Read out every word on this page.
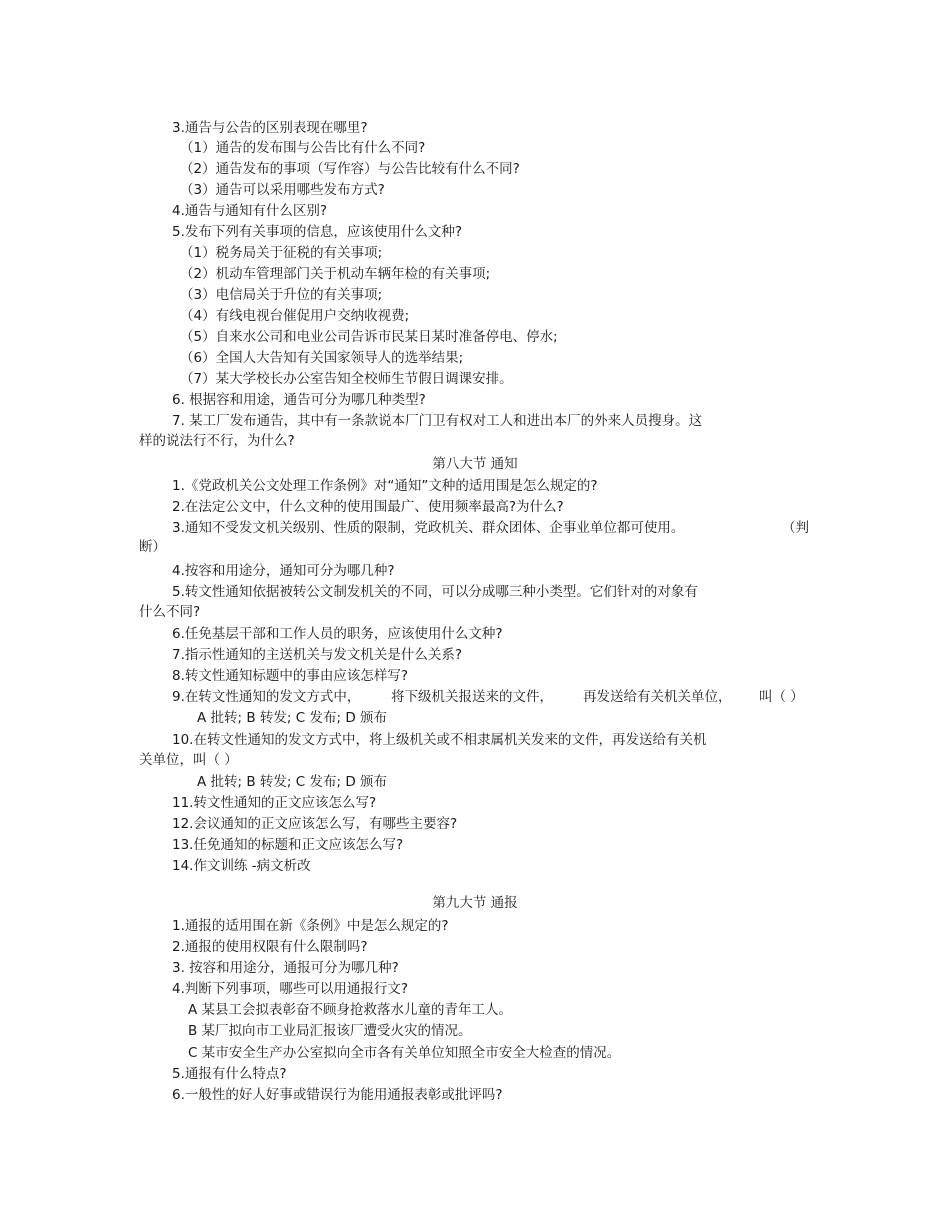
3.通告与公告的区别表现在哪里?
（1）通告的发布围与公告比有什么不同?
（2）通告发布的事项（写作容）与公告比较有什么不同?
（3）通告可以采用哪些发布方式?
4.通告与通知有什么区别?
5.发布下列有关事项的信息，应该使用什么文种?
（1）税务局关于征税的有关事项;
（2）机动车管理部门关于机动车辆年检的有关事项;
（3）电信局关于升位的有关事项;
（4）有线电视台催促用户交纳收视费;
（5）自来水公司和电业公司告诉市民某日某时准备停电、停水;
（6）全国人大告知有关国家领导人的选举结果;
（7）某大学校长办公室告知全校师生节假日调课安排。
6. 根据容和用途，通告可分为哪几种类型?
7. 某工厂发布通告，其中有一条款说本厂门卫有权对工人和进出本厂的外来人员搜身。这
样的说法行不行，为什么?
第八大节 通知
1.《党政机关公文处理工作条例》对“通知”文种的适用围是怎么规定的?
2.在法定公文中，什么文种的使用围最广、使用频率最高?为什么?
3.通知不受发文机关级别、性质的限制，党政机关、群众团体、企事业单位都可使用。	（判
断）
4.按容和用途分，通知可分为哪几种?
5.转文性通知依据被转公文制发机关的不同，可以分成哪三种小类型。它们针对的对象有
什么不同?
6.任免基层干部和工作人员的职务，应该使用什么文种?
7.指示性通知的主送机关与发文机关是什么关系?
8.转文性通知标题中的事由应该怎样写?
9.在转文性通知的发文方式中， 将下级机关报送来的文件， 再发送给有关机关单位， 叫（ ）
A 批转; B 转发; C 发布; D 颁布
10.在转文性通知的发文方式中，将上级机关或不相隶属机关发来的文件，再发送给有关机
关单位，叫（ ）
A 批转; B 转发; C 发布; D 颁布
11.转文性通知的正文应该怎么写?
12.会议通知的正文应该怎么写，有哪些主要容?
13.任免通知的标题和正文应该怎么写?
14.作文训练 -病文析改
第九大节 通报
1.通报的适用围在新《条例》中是怎么规定的?
2.通报的使用权限有什么限制吗?
3. 按容和用途分，通报可分为哪几种?
4.判断下列事项，哪些可以用通报行文?
A 某县工会拟表彰奋不顾身抢救落水儿童的青年工人。
B 某厂拟向市工业局汇报该厂遭受火灾的情况。
C 某市安全生产办公室拟向全市各有关单位知照全市安全大检查的情况。
5.通报有什么特点?
6.一般性的好人好事或错误行为能用通报表彰或批评吗?
